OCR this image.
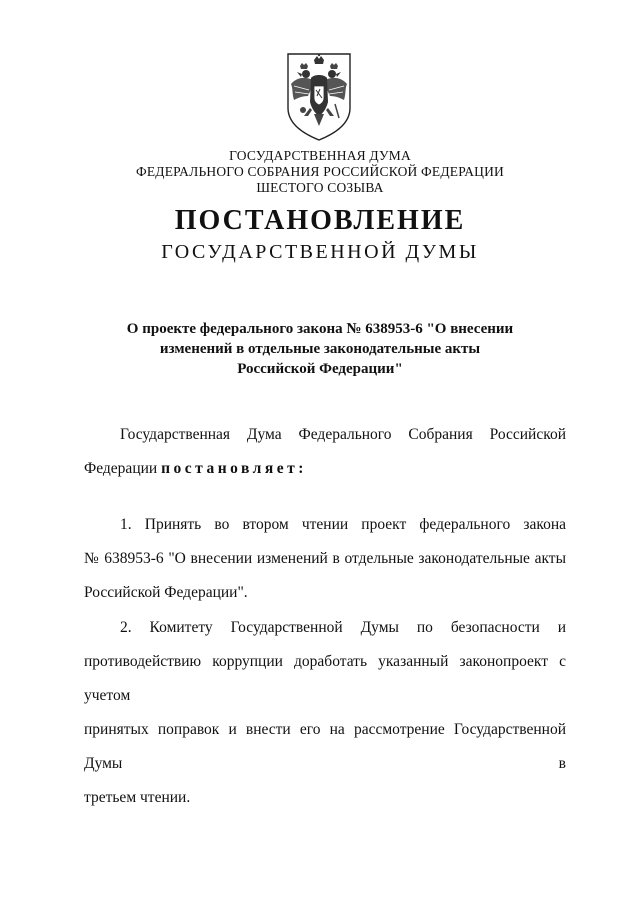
ГОСУДАРСТВЕННАЯ ДУМА
ФЕДЕРАЛЬНОГО СОБРАНИЯ РОССИЙСКОЙ ФЕДЕРАЦИИ
ШЕСТОГО СОЗЫВА
ПОСТАНОВЛЕНИЕ
ГОСУДАРСТВЕННОЙ ДУМЫ
О проекте федерального закона № 638953-6 "О внесении
изменений в отдельные законодательные акты
Российской Федерации"
Государственная Дума Федерального Собрания Российской
Федерации постановляет:
1. Принять во втором чтении проект федерального закона
№ 638953-6 "О внесении изменений в отдельные законодательные акты
Российской Федерации".
2. Комитету Государственной Думы по безопасности и
противодействию коррупции доработать указанный законопроект с учетом
принятых поправок и внести его на рассмотрение Государственной Думы в
третьем чтении.
